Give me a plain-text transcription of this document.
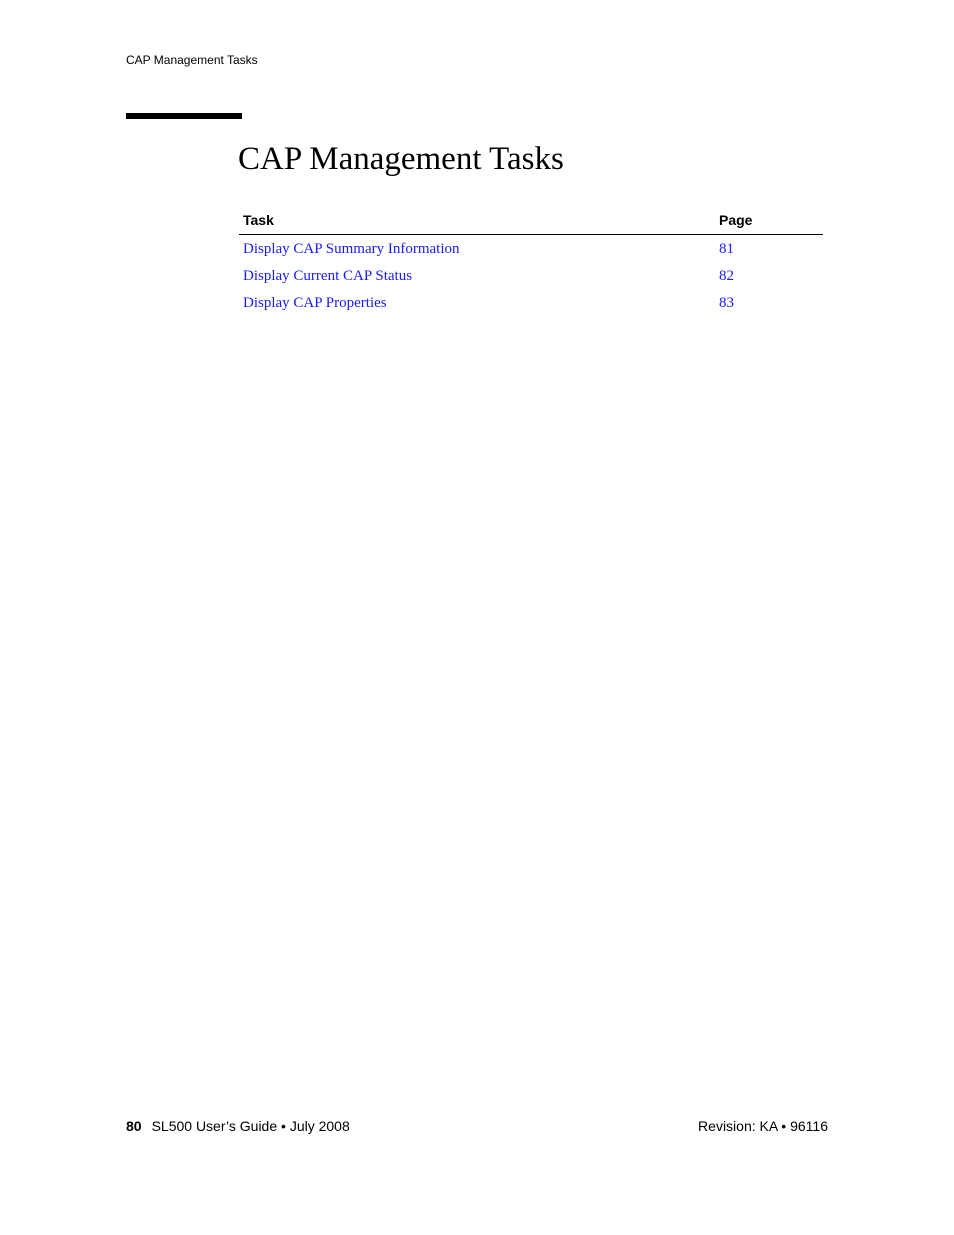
CAP Management Tasks
CAP Management Tasks
Task	Page
Display CAP Summary Information	81
Display Current CAP Status	82
Display CAP Properties	83
80 SL500 User’s Guide • July 2008	Revision: KA • 96116
